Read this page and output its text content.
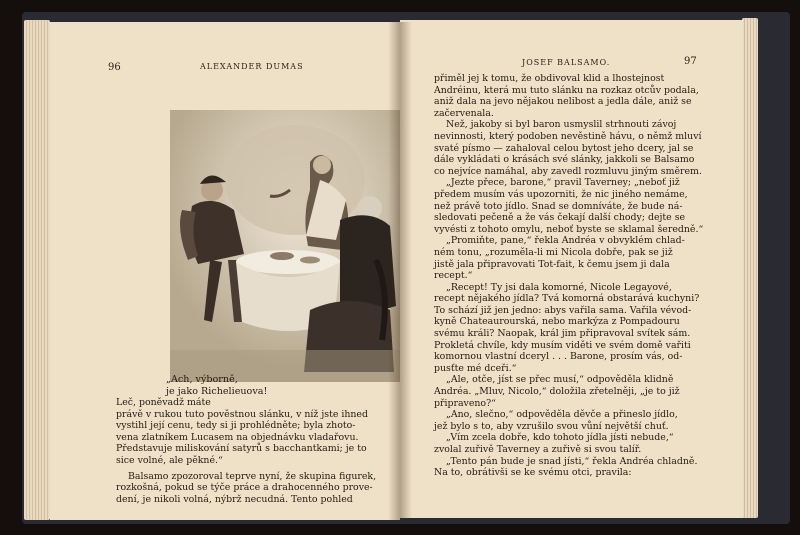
96	ALEXANDER DUMAS
„Ach, výborně,
je jako Richelieuova!

Leč, poněvadž máte

právě v rukou tuto pověstnou slánku, v níž jste ihned

vystihl její cenu, tedy si ji prohlédněte; byla zhoto-

vena zlatníkem Lucasem na objednávku vladařovu.

Představuje miliskování satyrů s bacchantkami; je to

sice volné, ale pěkné.“

Balsamo zpozoroval teprve nyní, že skupina figurek,

rozkošná, pokud se týče práce a drahocenného prove-

dení, je nikoli volná, nýbrž necudná. Tento pohled

JOSEF BALSAMO.	97

přiměl jej k tomu, že obdivoval klid a lhostejnost

Andréinu, která mu tuto slánku na rozkaz otcův podala,

aniž dala na jevo nějakou nelibost a jedla dále, aniž se

začervenala.

Než, jakoby si byl baron usmyslil strhnouti závoj

nevinnosti, který podoben nevěstině hávu, o němž mluví

svaté písmo — zahaloval celou bytost jeho dcery, jal se

dále vykládati o krásách své slánky, jakkoli se Balsamo

co nejvíce namáhal, aby zavedl rozmluvu jiným směrem.

„Jezte přece, barone,“ pravil Taverney; „neboť již

předem musím vás upozorniti, že nic jiného nemáme,

než právě toto jídlo. Snad se domníváte, že bude ná-

sledovati pečeně a že vás čekají další chody; dejte se

vyvésti z tohoto omylu, neboť byste se sklamal šeredně.“

„Promiňte, pane,“ řekla Andréa v obvyklém chlad-

ném tonu, „rozuměla-li mi Nicola dobře, pak se již

jistě jala připravovati Tot-fait, k čemu jsem ji dala

recept.“

„Recept! Ty jsi dala komorné, Nicole Legayové,

recept nějakého jídla? Tvá komorná obstarává kuchyni?

To schází již jen jedno: abys vařila sama. Vařila vévod-

kyně Chateaurourská, nebo markýza z Pompadouru

svému králi? Naopak, král jim připravoval svítek sám.

Prokletá chvíle, kdy musím viděti ve svém domě vařiti

komornou vlastní dceryl . . . Barone, prosím vás, od-

pusťte mé dceři.“

„Ale, otče, jíst se přec musí,“ odpověděla klidně

Andréa. „Mluv, Nicolo,“ doložila zřetelněji, „je to již

připraveno?“

„Ano, slečno,“ odpověděla děvče a přineslo jídlo,

jež bylo s to, aby vzrušilo svou vůní největší chuť.

„Vím zcela dobře, kdo tohoto jídla jísti nebude,“

zvolal zuřivě Taverney a zuřivě si svou talíř.

„Tento pán bude je snad jísti,“ řekla Andréa chladně.

Na to, obrátivši se ke svému otci, pravila:
